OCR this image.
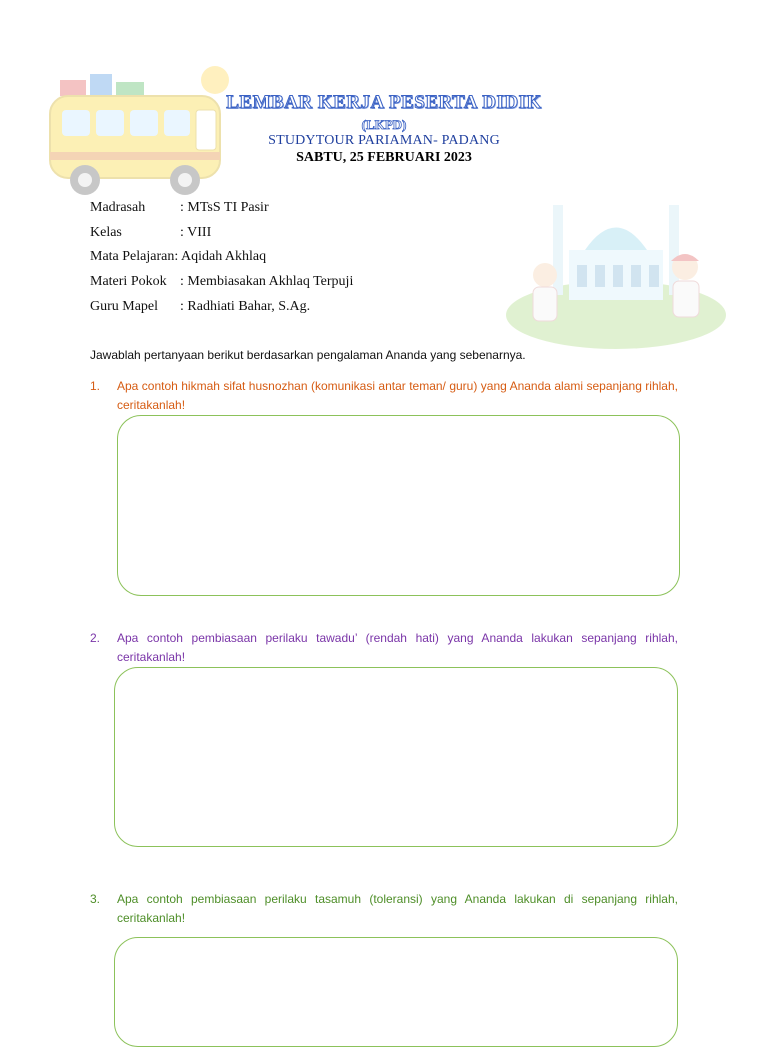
LEMBAR KERJA PESERTA DIDIK
(LKPD)
STUDYTOUR PARIAMAN- PADANG
SABTU, 25 FEBRUARI 2023
Madrasah	: MTsS TI Pasir
Kelas	: VIII
Mata Pelajaran: Aqidah Akhlaq
Materi Pokok : Membiasakan Akhlaq Terpuji
Guru Mapel	: Radhiati Bahar, S.Ag.
Jawablah pertanyaan berikut berdasarkan pengalaman Ananda yang sebenarnya.
1.	Apa contoh hikmah sifat husnozhan (komunikasi antar teman/ guru) yang Ananda alami sepanjang rihlah, ceritakanlah!
2.	Apa contoh pembiasaan perilaku tawadu’ (rendah hati) yang Ananda lakukan sepanjang rihlah, ceritakanlah!
3.	Apa contoh pembiasaan perilaku tasamuh (toleransi) yang Ananda lakukan di sepanjang rihlah, ceritakanlah!
